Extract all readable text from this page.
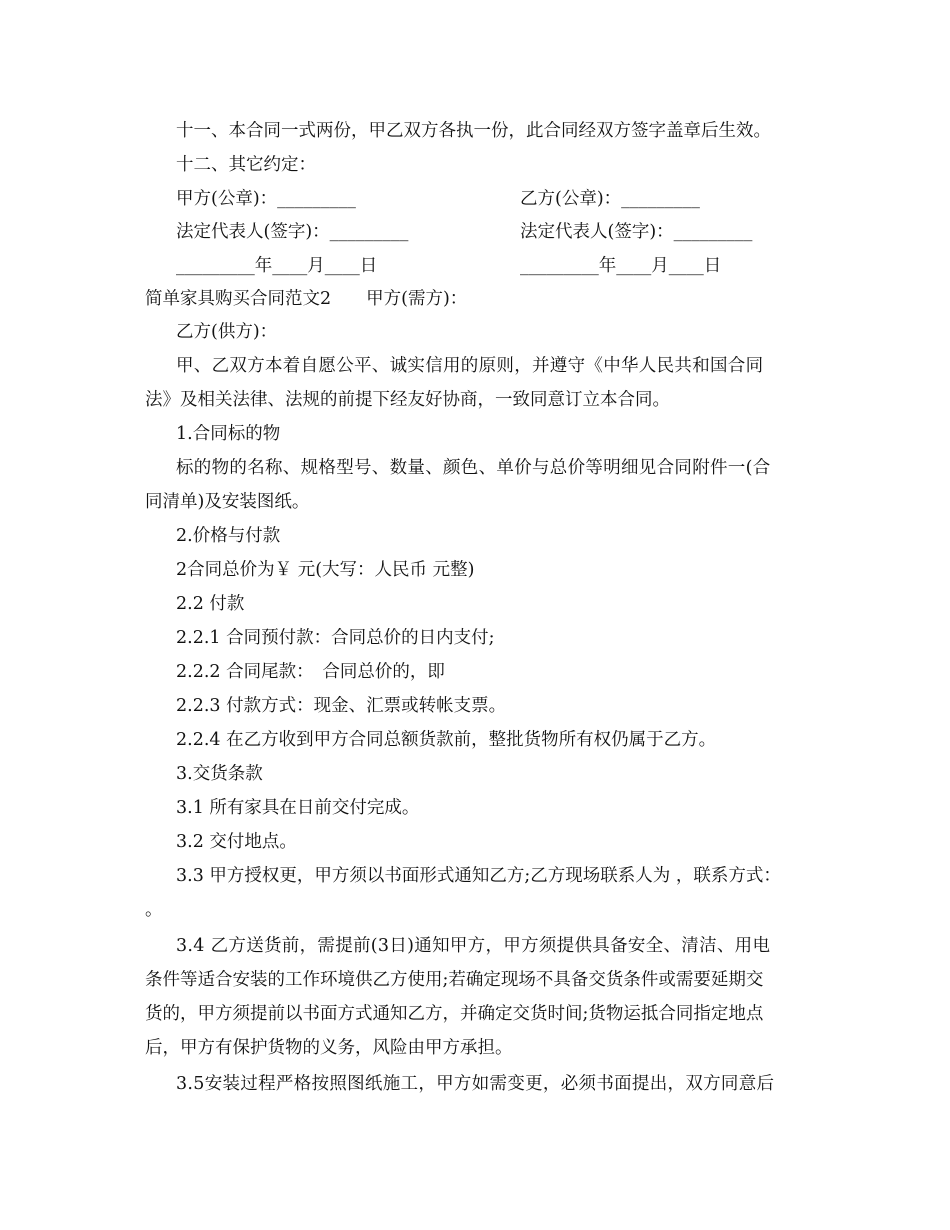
十一、本合同一式两份，甲乙双方各执一份，此合同经双方签字盖章后生效。
十二、其它约定：
甲方(公章)：_________	乙方(公章)：_________
法定代表人(签字)：_________	法定代表人(签字)：_________
_________年____月____日	_________年____月____日
简单家具购买合同范文2　　甲方(需方)：
乙方(供方)：
甲、乙双方本着自愿公平、诚实信用的原则，并遵守《中华人民共和国合同
法》及相关法律、法规的前提下经友好协商，一致同意订立本合同。
1.合同标的物
标的物的名称、规格型号、数量、颜色、单价与总价等明细见合同附件一(合
同清单)及安装图纸。
2.价格与付款
2合同总价为￥ 元(大写：人民币 元整)
2.2 付款
2.2.1 合同预付款：合同总价的日内支付;
2.2.2 合同尾款：　合同总价的，即
2.2.3 付款方式：现金、汇票或转帐支票。
2.2.4 在乙方收到甲方合同总额货款前，整批货物所有权仍属于乙方。
3.交货条款
3.1 所有家具在日前交付完成。
3.2 交付地点。
3.3 甲方授权更，甲方须以书面形式通知乙方;乙方现场联系人为 ，联系方式：
。
3.4 乙方送货前，需提前(3日)通知甲方，甲方须提供具备安全、清洁、用电
条件等适合安装的工作环境供乙方使用;若确定现场不具备交货条件或需要延期交
货的，甲方须提前以书面方式通知乙方，并确定交货时间;货物运抵合同指定地点
后，甲方有保护货物的义务，风险由甲方承担。
3.5安装过程严格按照图纸施工，甲方如需变更，必须书面提出，双方同意后
